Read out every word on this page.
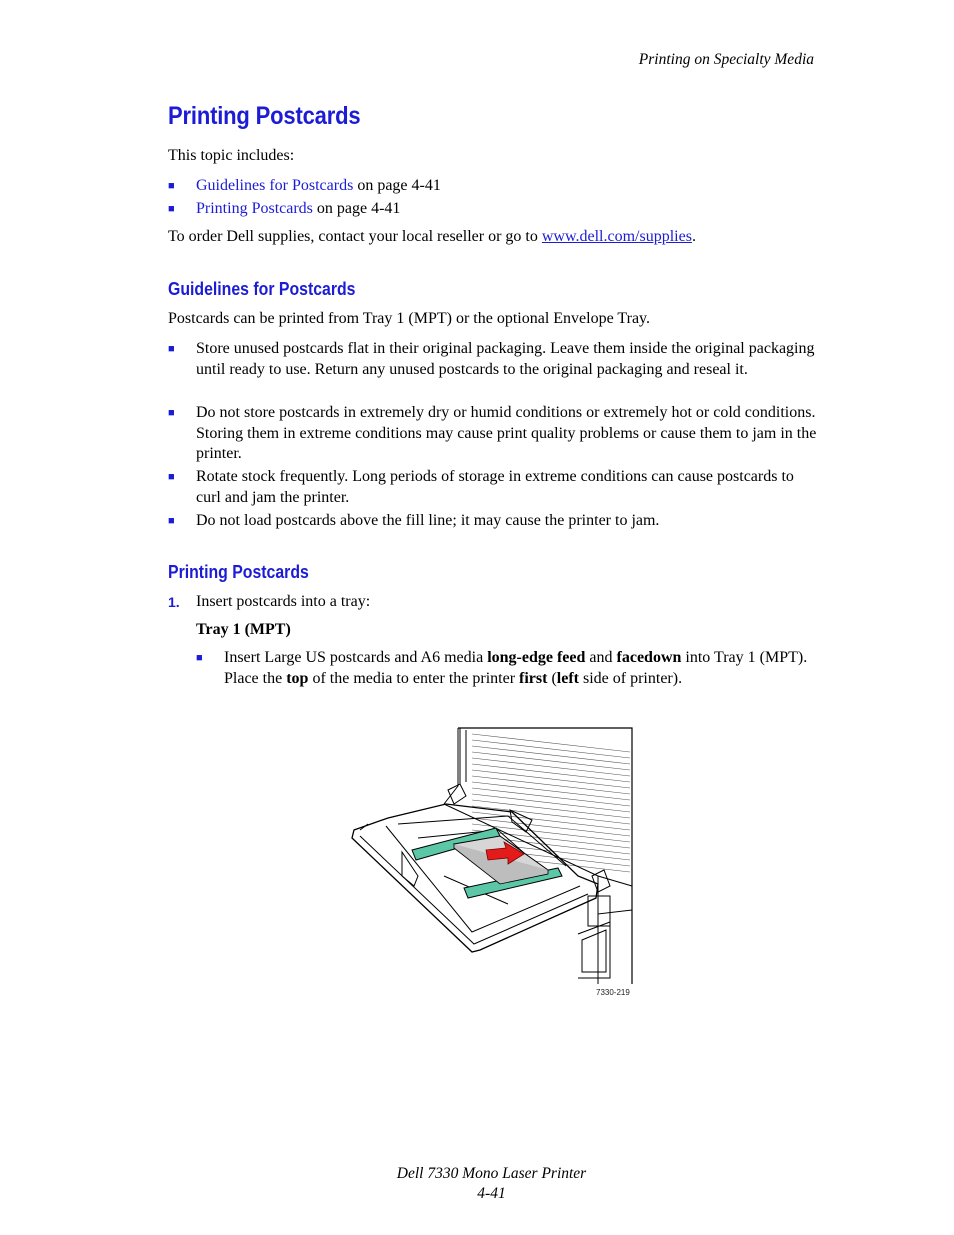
Printing on Specialty Media
Printing Postcards

This topic includes:

■	Guidelines for Postcards on page 4-41
■	Printing Postcards on page 4-41

To order Dell supplies, contact your local reseller or go to www.dell.com/supplies.

Guidelines for Postcards

Postcards can be printed from Tray 1 (MPT) or the optional Envelope Tray.

■	Store unused postcards flat in their original packaging. Leave them inside the original packaging until ready to use. Return any unused postcards to the original packaging and reseal it.
■	Do not store postcards in extremely dry or humid conditions or extremely hot or cold conditions. Storing them in extreme conditions may cause print quality problems or cause them to jam in the printer.
■	Rotate stock frequently. Long periods of storage in extreme conditions can cause postcards to curl and jam the printer.
■	Do not load postcards above the fill line; it may cause the printer to jam.
Printing Postcards
1. Insert postcards into a tray:

Tray 1 (MPT)

■	Insert Large US postcards and A6 media long-edge feed and facedown into Tray 1 (MPT). Place the top of the media to enter the printer first (left side of printer).
7330-219
Dell 7330 Mono Laser Printer
4-41
